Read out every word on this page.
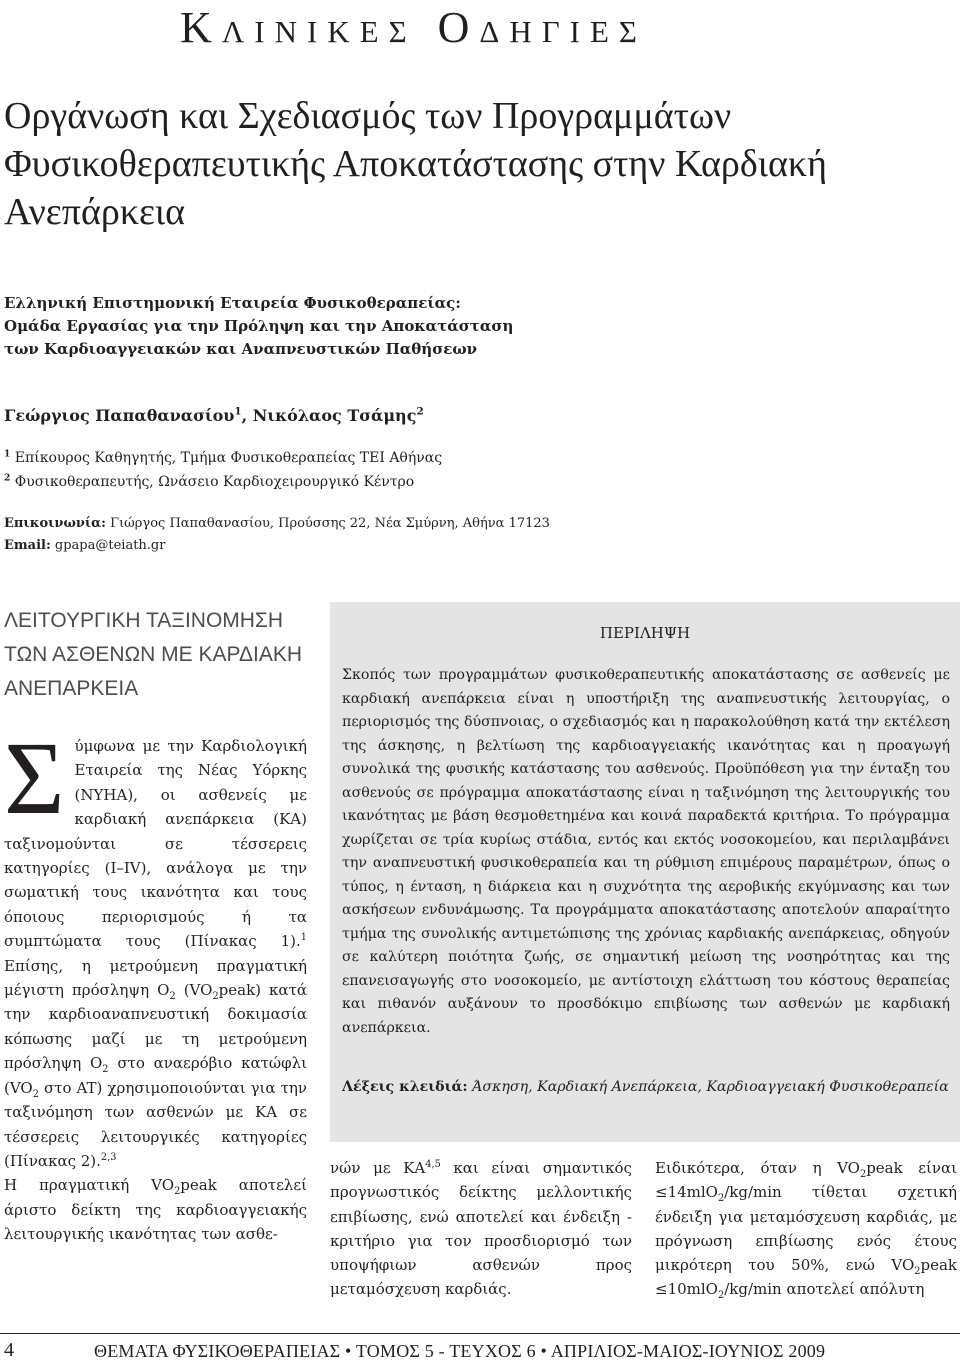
Κλινικες Οδηγιες
Οργάνωση και Σχεδιασμός των Προγραμμάτων Φυσικοθεραπευτικής Αποκατάστασης στην Καρδιακή Ανεπάρκεια
Ελληνική Επιστημονική Εταιρεία Φυσικοθεραπείας:
Ομάδα Εργασίας για την Πρόληψη και την Αποκατάσταση
των Καρδιοαγγειακών και Αναπνευστικών Παθήσεων
Γεώργιος Παπαθανασίου$^1$, Νικόλαος Τσάμης$^2$
$^1$ Επίκουρος Καθηγητής, Τμήμα Φυσικοθεραπείας ΤΕΙ Αθήνας
$^2$ Φυσικοθεραπευτής, Ωνάσειο Καρδιοχειρουργικό Κέντρο
Επικοινωνία: Γιώργος Παπαθανασίου, Προύσσης 22, Νέα Σμύρνη, Αθήνα 17123
Email: gpapa@teiath.gr
ΛΕΙΤΟΥΡΓΙΚΗ ΤΑΞΙΝΟΜΗΣΗ ΤΩΝ ΑΣΘΕΝΩΝ ΜΕ ΚΑΡΔΙΑΚΗ ΑΝΕΠΑΡΚΕΙΑ

Σύμφωνα με την Καρδιολογική Εταιρεία της Νέας Υόρκης (NYHA), οι ασθενείς με καρδιακή ανεπάρκεια (ΚΑ) ταξινομούνται σε τέσσερεις κατηγορίες (I–IV), ανάλογα με την σωματική τους ικανότητα και τους όποιους περιορισμούς ή τα συμπτώματα τους (Πίνακας 1).$^1$ Επίσης, η μετρούμενη πραγματική μέγιστη πρόσληψη $O_2$ $(VO_2peak)$ κατά την καρδιοαναπνευστική δοκιμασία κόπωσης μαζί με τη μετρούμενη πρόσληψη $O_2$ στο αναερόβιο κατώφλι ($VO_2$ στο AT) χρησιμοποιούνται για την ταξινόμηση των ασθενών με ΚΑ σε τέσσερεις λειτουργικές κατηγορίες (Πίνακας 2).$^{2,3}$

Η πραγματική $VO_2peak$ αποτελεί άριστο δείκτη της καρδιοαγγειακής λειτουργικής ικανότητας των ασθε-

ΠΕΡΙΛΗΨΗ
Σκοπός των προγραμμάτων φυσικοθεραπευτικής αποκατάστασης σε ασθενείς με καρδιακή ανεπάρκεια είναι η υποστήριξη της αναπνευστικής λειτουργίας, ο περιορισμός της δύσπνοιας, ο σχεδιασμός και η παρακολούθηση κατά την εκτέλεση της άσκησης, η βελτίωση της καρδιοαγγειακής ικανότητας και η προαγωγή συνολικά της φυσικής κατάστασης του ασθενούς. Προϋπόθεση για την ένταξη του ασθενούς σε πρόγραμμα αποκατάστασης είναι η ταξινόμηση της λειτουργικής του ικανότητας με βάση θεσμοθετημένα και κοινά παραδεκτά κριτήρια. Το πρόγραμμα χωρίζεται σε τρία κυρίως στάδια, εντός και εκτός νοσοκομείου, και περιλαμβάνει την αναπνευστική φυσικοθεραπεία και τη ρύθμιση επιμέρους παραμέτρων, όπως ο τύπος, η ένταση, η διάρκεια και η συχνότητα της αεροβικής εκγύμνασης και των ασκήσεων ενδυνάμωσης. Τα προγράμματα αποκατάστασης αποτελούν απαραίτητο τμήμα της συνολικής αντιμετώπισης της χρόνιας καρδιακής ανεπάρκειας, οδηγούν σε καλύτερη ποιότητα ζωής, σε σημαντική μείωση της νοσηρότητας και της επανεισαγωγής στο νοσοκομείο, με αντίστοιχη ελάττωση του κόστους θεραπείας και πιθανόν αυξάνουν το προσδόκιμο επιβίωσης των ασθενών με καρδιακή ανεπάρκεια.
Λέξεις κλειδιά: Άσκηση, Καρδιακή Ανεπάρκεια, Καρδιοαγγειακή Φυσικοθεραπεία
νών με ΚΑ$^{4,5}$ και είναι σημαντικός προγνωστικός δείκτης μελλοντικής επιβίωσης, ενώ αποτελεί και ένδειξη - κριτήριο για τον προσδιορισμό των υποψήφιων ασθενών προς μεταμόσχευση καρδιάς.
Ειδικότερα, όταν η $VO_2peak$ είναι ≤14mlO$_2$/kg/min τίθεται σχετική ένδειξη για μεταμόσχευση καρδιάς, με πρόγνωση επιβίωσης ενός έτους μικρότερη του 50%, ενώ $VO_2peak \le 10mlO_2/kg/\min$ αποτελεί απόλυτη
4	ΘΕΜΑΤΑ ΦΥΣΙΚΟΘΕΡΑΠΕΙΑΣ • ΤΟΜΟΣ 5 - ΤΕΥΧΟΣ 6 • ΑΠΡΙΛΙΟΣ-ΜΑΙΟΣ-ΙΟΥΝΙΟΣ 2009
